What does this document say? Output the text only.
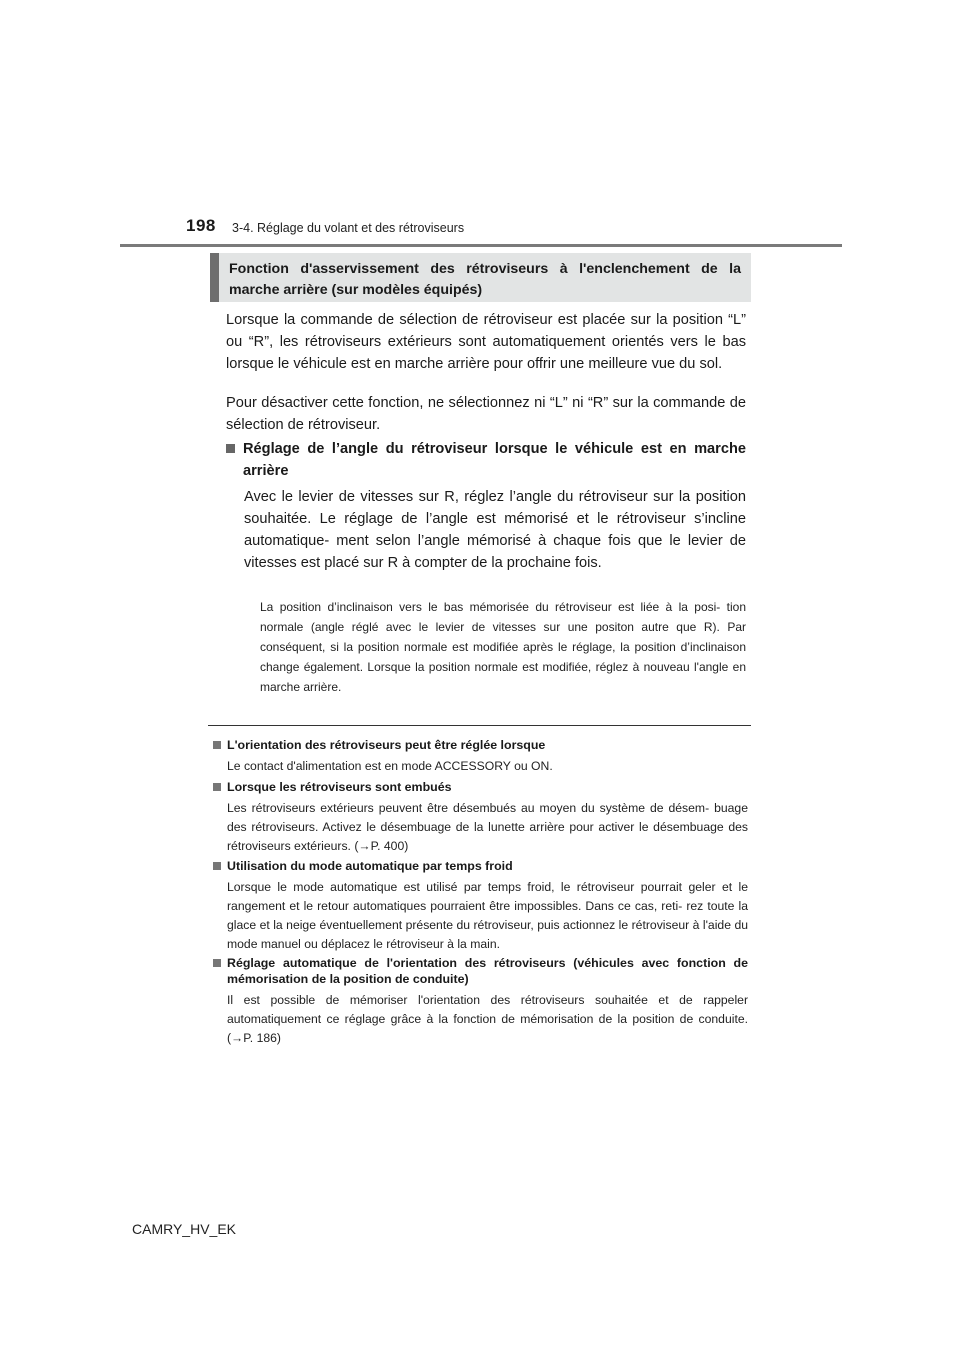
198 3-4. Réglage du volant et des rétroviseurs
Fonction d'asservissement des rétroviseurs à l'enclenchement de la marche arrière (sur modèles équipés)
Lorsque la commande de sélection de rétroviseur est placée sur la position “L” ou “R”, les rétroviseurs extérieurs sont automatiquement orientés vers le bas lorsque le véhicule est en marche arrière pour offrir une meilleure vue du sol.
Pour désactiver cette fonction, ne sélectionnez ni “L” ni “R” sur la commande de sélection de rétroviseur.
Réglage de l’angle du rétroviseur lorsque le véhicule est en marche arrière
Avec le levier de vitesses sur R, réglez l’angle du rétroviseur sur la position souhaitée. Le réglage de l’angle est mémorisé et le rétroviseur s’incline automatique- ment selon l’angle mémorisé à chaque fois que le levier de vitesses est placé sur R à compter de la prochaine fois.
La position d’inclinaison vers le bas mémorisée du rétroviseur est liée à la posi- tion normale (angle réglé avec le levier de vitesses sur une positon autre que R). Par conséquent, si la position normale est modifiée après le réglage, la position d’inclinaison change également. Lorsque la position normale est modifiée, réglez à nouveau l'angle en marche arrière.
L'orientation des rétroviseurs peut être réglée lorsque
Le contact d'alimentation est en mode ACCESSORY ou ON.
Lorsque les rétroviseurs sont embués
Les rétroviseurs extérieurs peuvent être désembués au moyen du système de désem- buage des rétroviseurs. Activez le désembuage de la lunette arrière pour activer le désembuage des rétroviseurs extérieurs. (→P. 400)
Utilisation du mode automatique par temps froid
Lorsque le mode automatique est utilisé par temps froid, le rétroviseur pourrait geler et le rangement et le retour automatiques pourraient être impossibles. Dans ce cas, reti- rez toute la glace et la neige éventuellement présente du rétroviseur, puis actionnez le rétroviseur à l'aide du mode manuel ou déplacez le rétroviseur à la main.
Réglage automatique de l'orientation des rétroviseurs (véhicules avec fonction de mémorisation de la position de conduite)
Il est possible de mémoriser l'orientation des rétroviseurs souhaitée et de rappeler automatiquement ce réglage grâce à la fonction de mémorisation de la position de conduite. (→P. 186)
CAMRY_HV_EK
